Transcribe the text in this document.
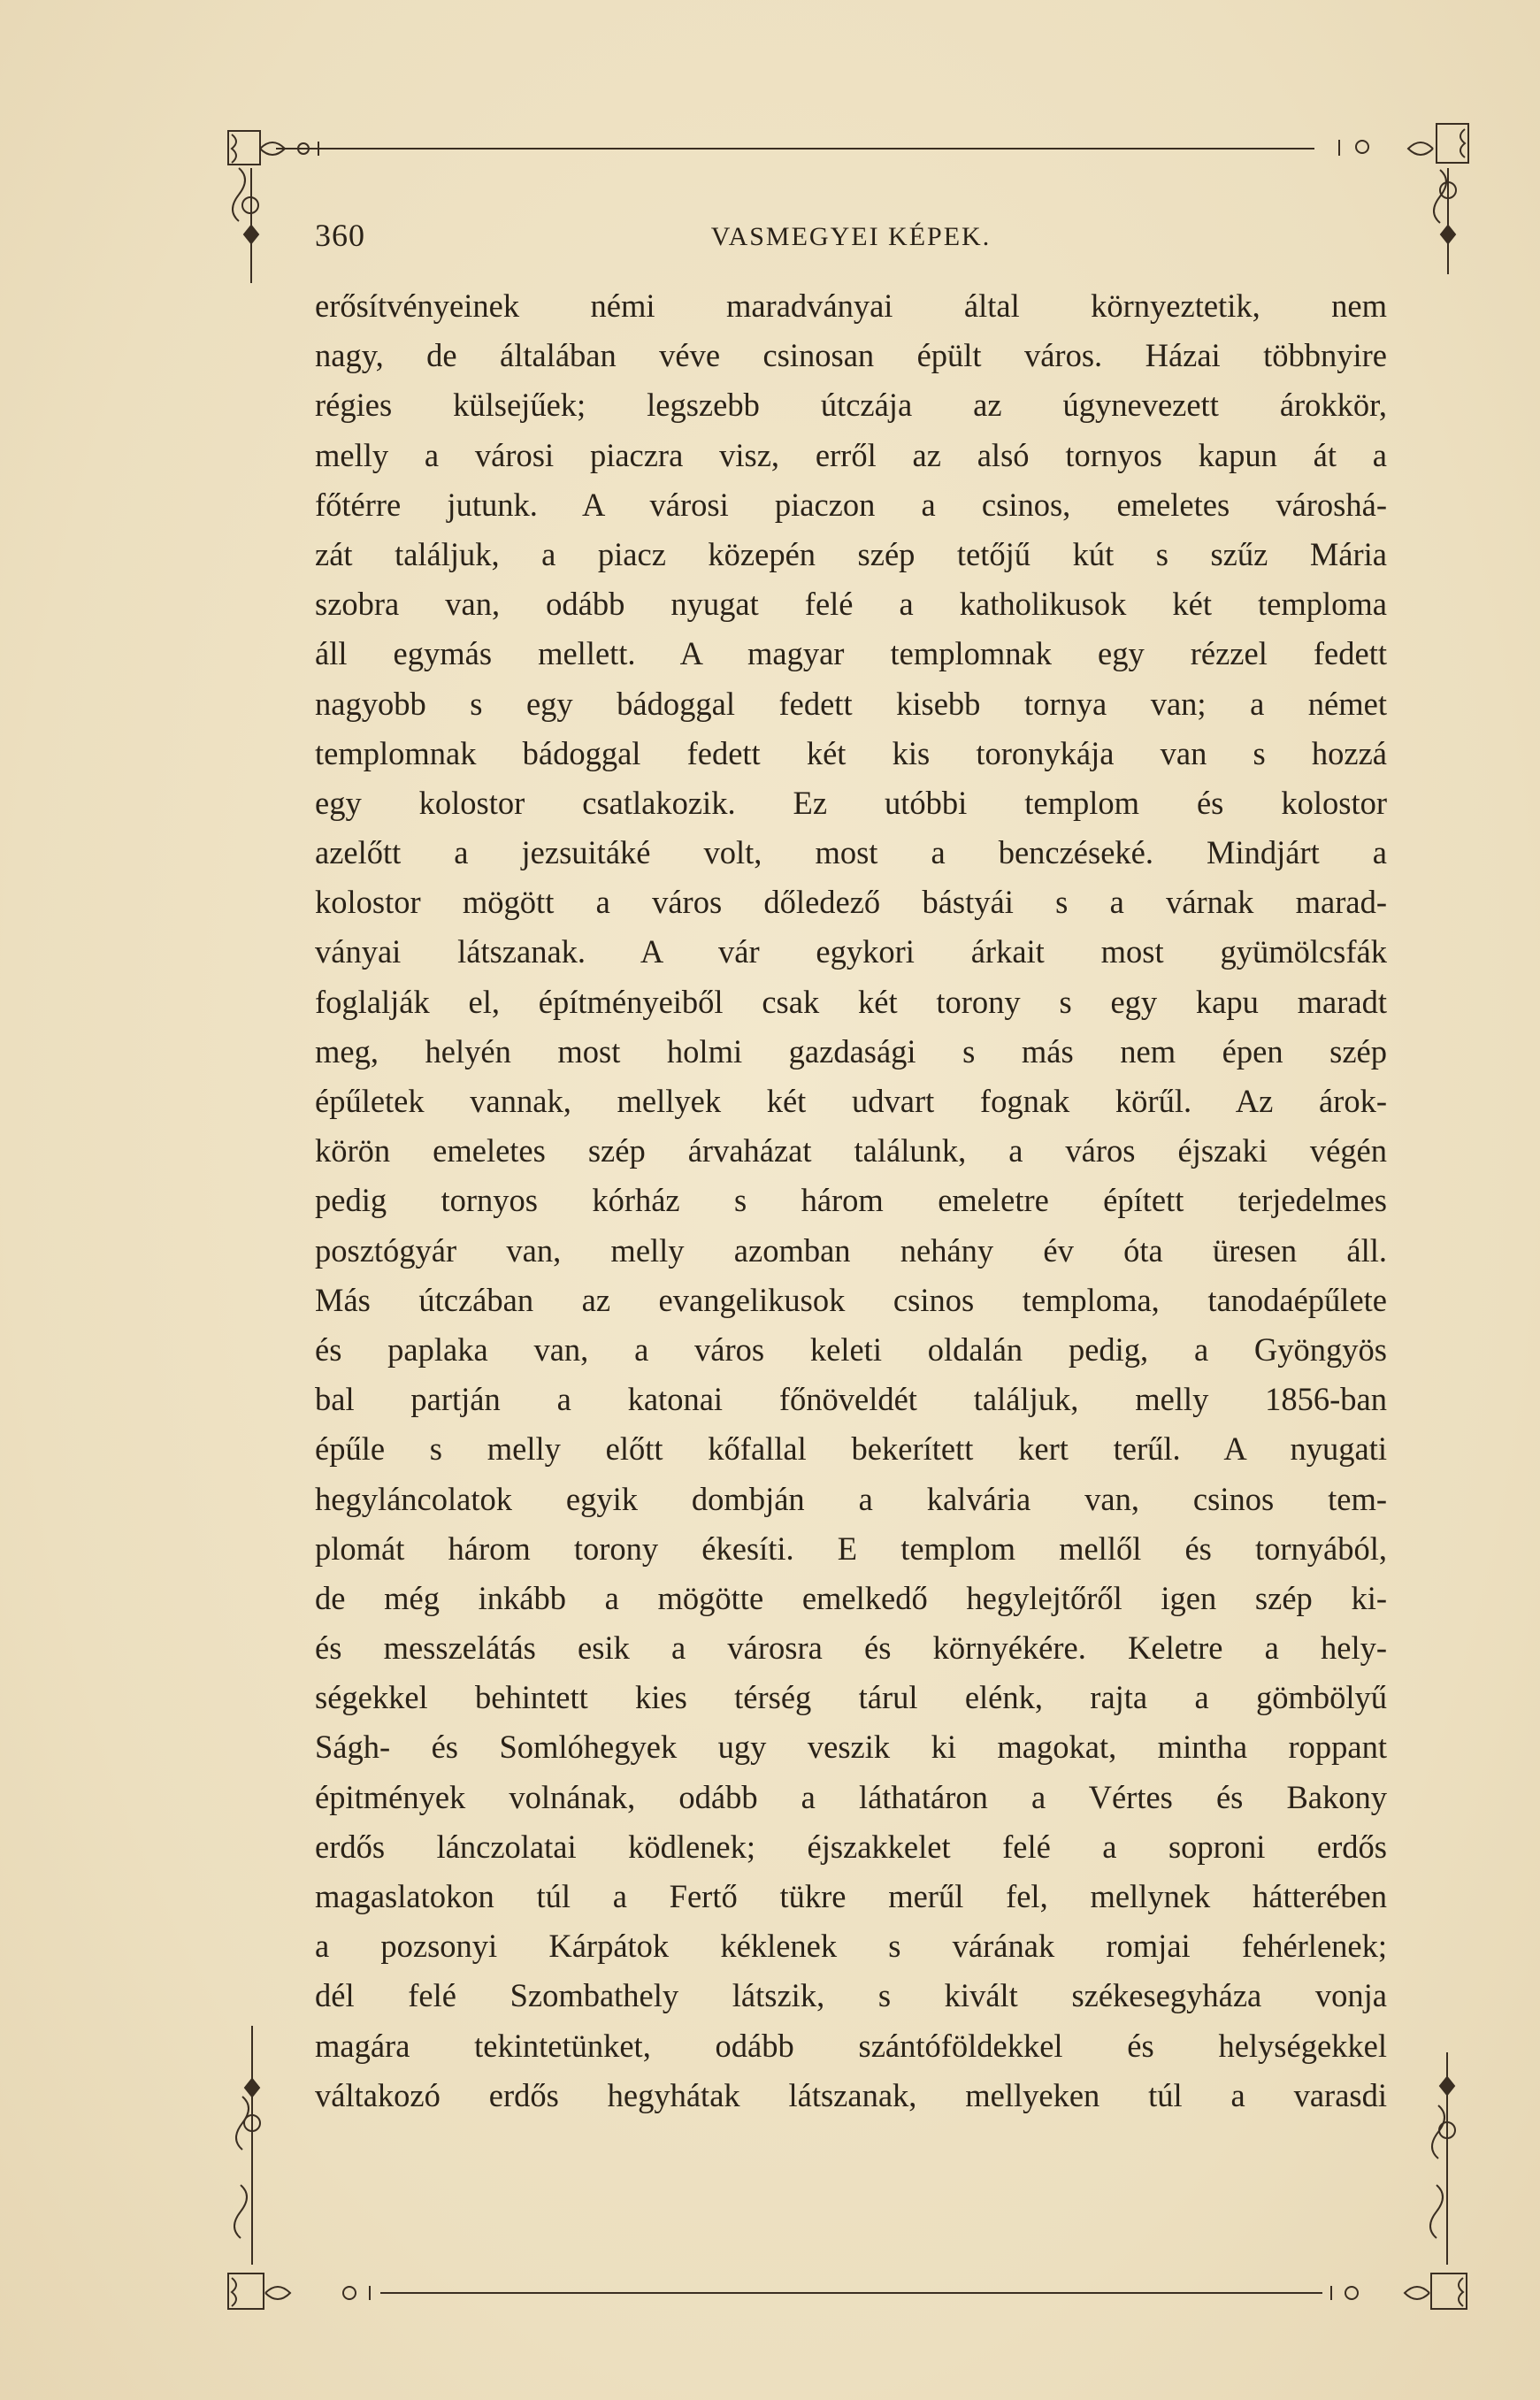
360	VASMEGYEI KÉPEK.
erősítvényeinek némi maradványai által környeztetik, nem
nagy, de általában véve csinosan épült város. Házai többnyire
régies külsejűek; legszebb útczája az úgynevezett árokkör,
melly a városi piaczra visz, erről az alsó tornyos kapun át a
főtérre jutunk. A városi piaczon a csinos, emeletes városhá-
zát találjuk, a piacz közepén szép tetőjű kút s szűz Mária
szobra van, odább nyugat felé a katholikusok két temploma
áll egymás mellett. A magyar templomnak egy rézzel fedett
nagyobb s egy bádoggal fedett kisebb tornya van; a német
templomnak bádoggal fedett két kis toronykája van s hozzá
egy kolostor csatlakozik. Ez utóbbi templom és kolostor
azelőtt a jezsuitáké volt, most a benczéseké. Mindjárt a
kolostor mögött a város dőledező bástyái s a várnak marad-
ványai látszanak. A vár egykori árkait most gyümölcsfák
foglalják el, építményeiből csak két torony s egy kapu maradt
meg, helyén most holmi gazdasági s más nem épen szép
épűletek vannak, mellyek két udvart fognak körűl. Az árok-
körön emeletes szép árvaházat találunk, a város éjszaki végén
pedig tornyos kórház s három emeletre épített terjedelmes
posztógyár van, melly azomban nehány év óta üresen áll.
Más útczában az evangelikusok csinos temploma, tanodaépűlete
és paplaka van, a város keleti oldalán pedig, a Gyöngyös
bal partján a katonai főnöveldét találjuk, melly 1856-ban
épűle s melly előtt kőfallal bekerített kert terűl. A nyugati
hegyláncolatok egyik dombján a kalvária van, csinos tem-
plomát három torony ékesíti. E templom mellől és tornyából,
de még inkább a mögötte emelkedő hegylejtőről igen szép ki-
és messzelátás esik a városra és környékére. Keletre a hely-
ségekkel behintett kies térség tárul elénk, rajta a gömbölyű
Ságh- és Somlóhegyek ugy veszik ki magokat, mintha roppant
épitmények volnának, odább a láthatáron a Vértes és Bakony
erdős lánczolatai ködlenek; éjszakkelet felé a soproni erdős
magaslatokon túl a Fertő tükre merűl fel, mellynek hátterében
a pozsonyi Kárpátok kéklenek s várának romjai fehérlenek;
dél felé Szombathely látszik, s kivált székesegyháza vonja
magára tekintetünket, odább szántóföldekkel és helységekkel
váltakozó erdős hegyhátak látszanak, mellyeken túl a varasdi
